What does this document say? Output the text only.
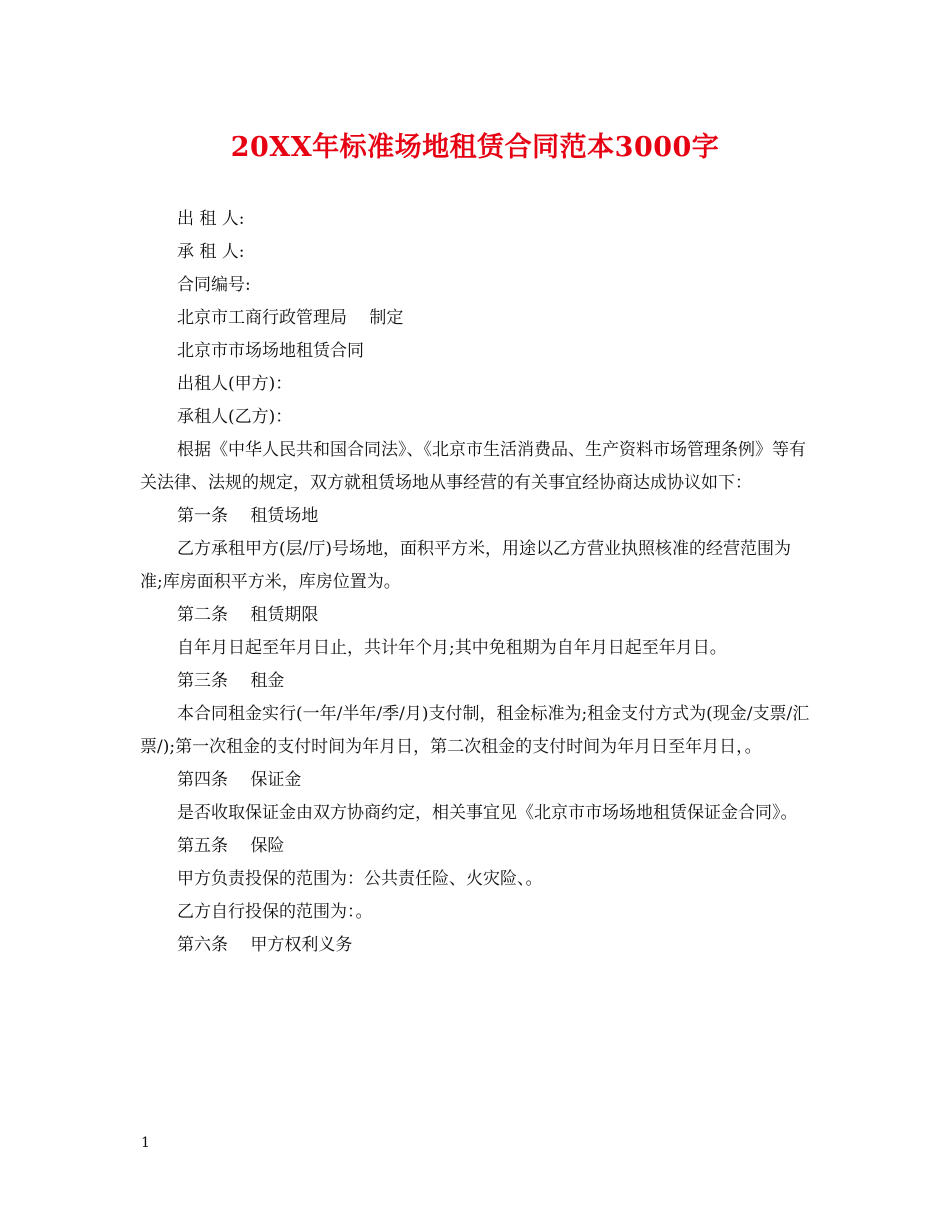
20XX年标准场地租赁合同范本3000字

出 租 人:

承 租 人:

合同编号:

北京市工商行政管理局　 制定

北京市市场场地租赁合同

出租人(甲方)：

承租人(乙方)：

根据《中华人民共和国合同法》、《北京市生活消费品、生产资料市场管理条例》等有关法律、法规的规定，双方就租赁场地从事经营的有关事宜经协商达成协议如下：

第一条　 租赁场地

乙方承租甲方(层/厅)号场地，面积平方米，用途以乙方营业执照核准的经营范围为准;库房面积平方米，库房位置为。

第二条　 租赁期限

自年月日起至年月日止，共计年个月;其中免租期为自年月日起至年月日。

第三条　 租金

本合同租金实行(一年/半年/季/月)支付制，租金标准为;租金支付方式为(现金/支票/汇票/);第一次租金的支付时间为年月日，第二次租金的支付时间为年月日至年月日，。

第四条　 保证金

是否收取保证金由双方协商约定，相关事宜见《北京市市场场地租赁保证金合同》。

第五条　 保险

甲方负责投保的范围为：公共责任险、火灾险、。

乙方自行投保的范围为：。

第六条　 甲方权利义务

1
